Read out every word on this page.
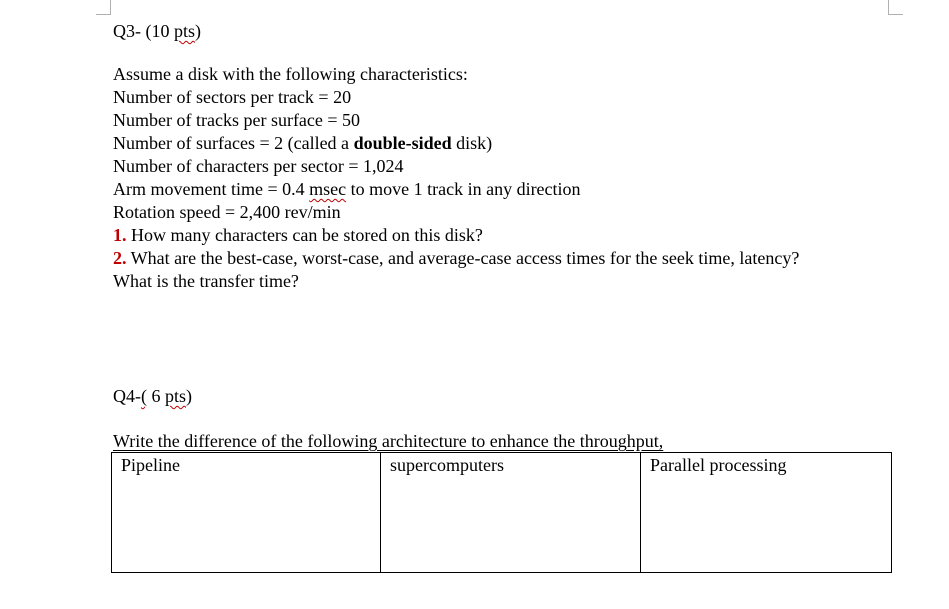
Q3- (10 pts)
Assume a disk with the following characteristics:
Number of sectors per track = 20
Number of tracks per surface = 50
Number of surfaces = 2 (called a double-sided disk)
Number of characters per sector = 1,024
Arm movement time = 0.4 msec to move 1 track in any direction
Rotation speed = 2,400 rev/min
1. How many characters can be stored on this disk?
2. What are the best-case, worst-case, and average-case access times for the seek time, latency?
What is the transfer time?
Q4-( 6 pts)
Write the difference of the following architecture to enhance the throughput,
Pipeline	supercomputers	Parallel processing
